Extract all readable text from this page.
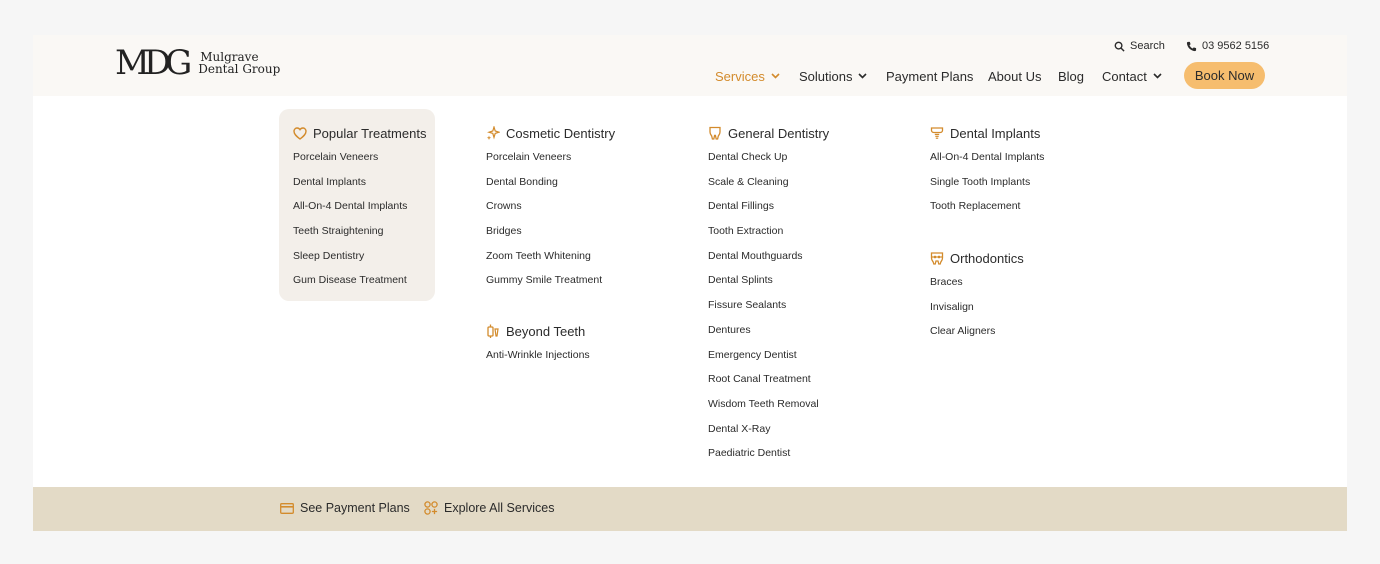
MDG Mulgrave
Dental Group
Search	03 9562 5156
Services	Solutions	Payment Plans About Us Blog Contact	Book Now
Popular Treatments
Porcelain Veneers
Dental Implants
All-On-4 Dental Implants
Teeth Straightening
Sleep Dentistry
Gum Disease Treatment
Cosmetic Dentistry
Porcelain Veneers
Dental Bonding
Crowns
Bridges
Zoom Teeth Whitening
Gummy Smile Treatment
Beyond Teeth
Anti-Wrinkle Injections
General Dentistry
Dental Check Up
Scale & Cleaning
Dental Fillings
Tooth Extraction
Dental Mouthguards
Dental Splints
Fissure Sealants
Dentures
Emergency Dentist
Root Canal Treatment
Wisdom Teeth Removal
Dental X-Ray
Paediatric Dentist
Dental Implants
All-On-4 Dental Implants
Single Tooth Implants
Tooth Replacement
Orthodontics
Braces
Invisalign
Clear Aligners
See Payment Plans	Explore All Services
